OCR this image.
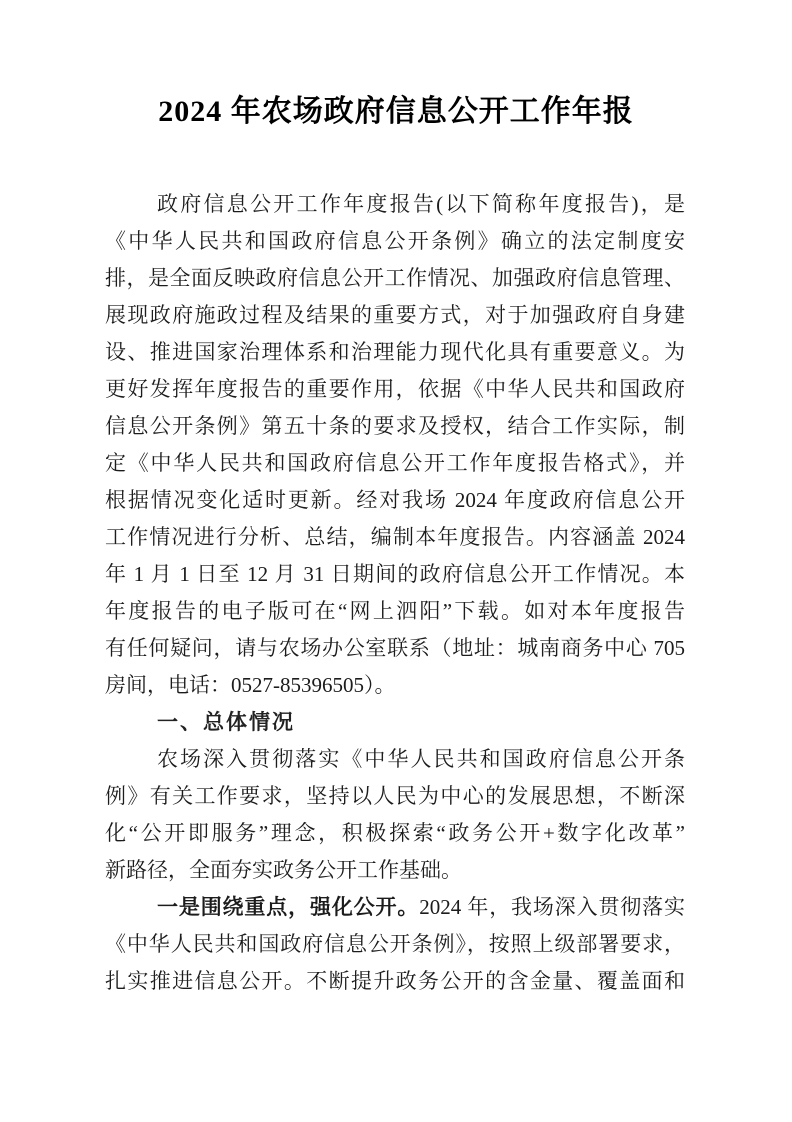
2024 年农场政府信息公开工作年报
政府信息公开工作年度报告(以下简称年度报告)，是
《中华人民共和国政府信息公开条例》确立的法定制度安
排，是全面反映政府信息公开工作情况、加强政府信息管理、
展现政府施政过程及结果的重要方式，对于加强政府自身建
设、推进国家治理体系和治理能力现代化具有重要意义。为
更好发挥年度报告的重要作用，依据《中华人民共和国政府
信息公开条例》第五十条的要求及授权，结合工作实际，制
定《中华人民共和国政府信息公开工作年度报告格式》，并
根据情况变化适时更新。经对我场 2024 年度政府信息公开
工作情况进行分析、总结，编制本年度报告。内容涵盖 2024
年 1 月 1 日至 12 月 31 日期间的政府信息公开工作情况。本
年度报告的电子版可在“网上泗阳”下载。如对本年度报告
有任何疑问，请与农场办公室联系（地址：城南商务中心 705
房间，电话：0527-85396505）。
一、总体情况
农场深入贯彻落实《中华人民共和国政府信息公开条
例》有关工作要求，坚持以人民为中心的发展思想，不断深
化“公开即服务”理念，积极探索“政务公开+数字化改革”
新路径，全面夯实政务公开工作基础。
一是围绕重点，强化公开。2024 年，我场深入贯彻落实
《中华人民共和国政府信息公开条例》，按照上级部署要求，
扎实推进信息公开。不断提升政务公开的含金量、覆盖面和
